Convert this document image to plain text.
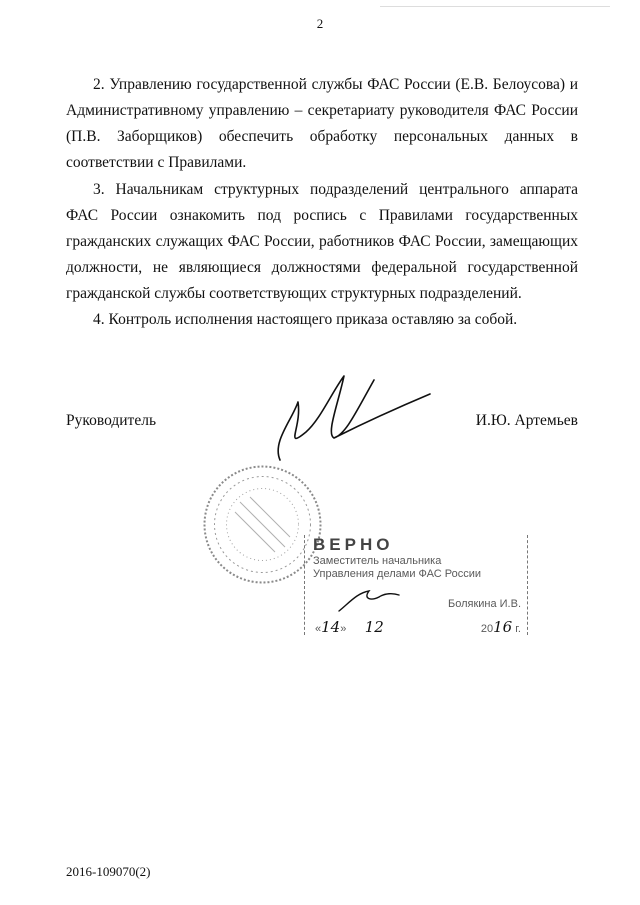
2

2. Управлению государственной службы ФАС России (Е.В. Белоусова) и Административному управлению – секретариату руководителя ФАС России (П.В. Заборщиков) обеспечить обработку персональных данных в соответствии с Правилами.

3. Начальникам структурных подразделений центрального аппарата ФАС России ознакомить под роспись с Правилами государственных гражданских служащих ФАС России, работников ФАС России, замещающих должности, не являющиеся должностями федеральной государственной гражданской службы соответствующих структурных подразделений.

4. Контроль исполнения настоящего приказа оставляю за собой.

Руководитель	И.Ю. Артемьев
ВЕРНО
Заместитель начальника
Управления делами ФАС России
Болякина И.В.
«14»      12	2016 г.
2016-109070(2)
